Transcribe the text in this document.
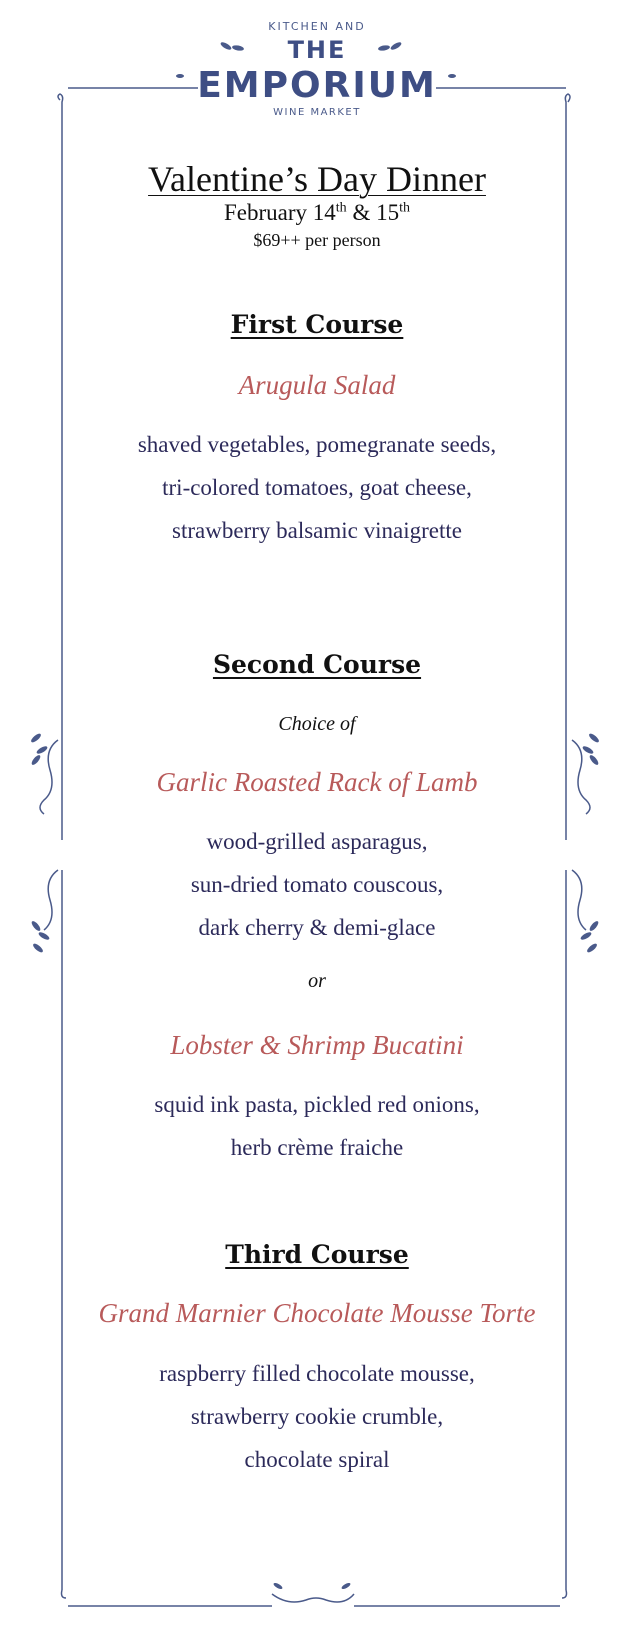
KITCHEN AND
THE
EMPORIUM
WINE MARKET
Valentine’s Day Dinner
February 14th & 15th
$69++ per person
First Course
Arugula Salad
shaved vegetables, pomegranate seeds,
tri-colored tomatoes, goat cheese,
strawberry balsamic vinaigrette
Second Course
Choice of
Garlic Roasted Rack of Lamb
wood-grilled asparagus,
sun-dried tomato couscous,
dark cherry & demi-glace
or
Lobster & Shrimp Bucatini
squid ink pasta, pickled red onions,
herb crème fraiche
Third Course
Grand Marnier Chocolate Mousse Torte
raspberry filled chocolate mousse,
strawberry cookie crumble,
chocolate spiral
